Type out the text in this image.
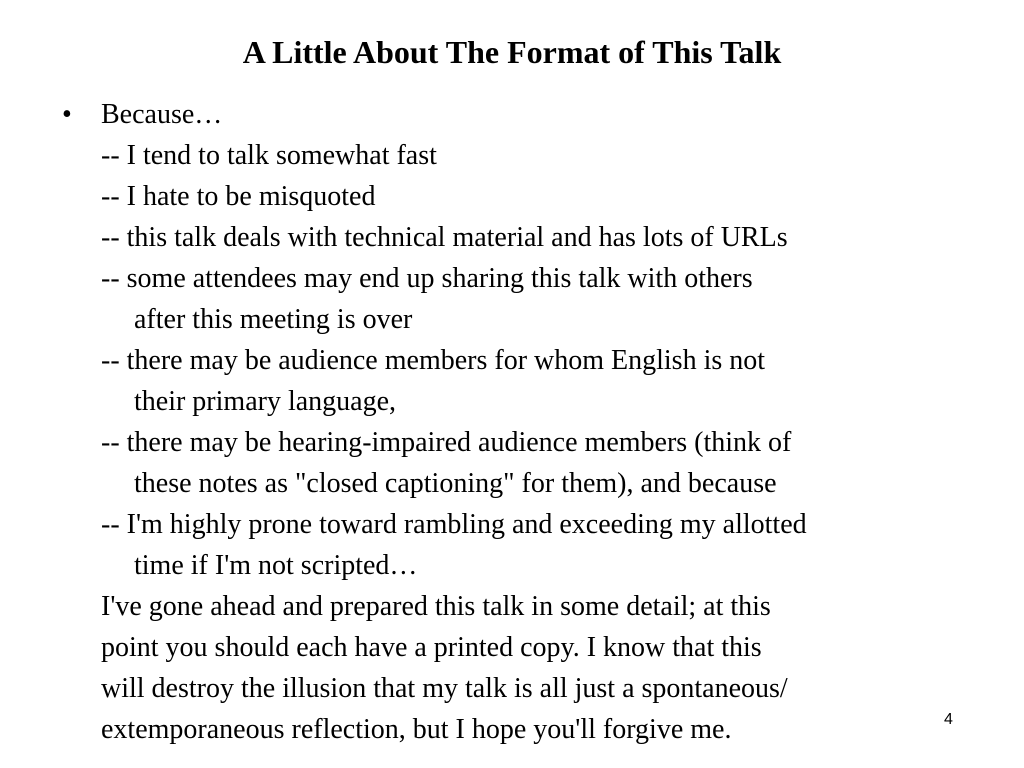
A Little About The Format of This Talk
• Because…
-- I tend to talk somewhat fast
-- I hate to be misquoted
-- this talk deals with technical material and has lots of URLs
-- some attendees may end up sharing this talk with others
after this meeting is over
-- there may be audience members for whom English is not
their primary language,
-- there may be hearing-impaired audience members (think of
these notes as "closed captioning" for them), and because
-- I'm highly prone toward rambling and exceeding my allotted
time if I'm not scripted…
I've gone ahead and prepared this talk in some detail; at this
point you should each have a printed copy. I know that this
will destroy the illusion that my talk is all just a spontaneous/
extemporaneous reflection, but I hope you'll forgive me.	4
